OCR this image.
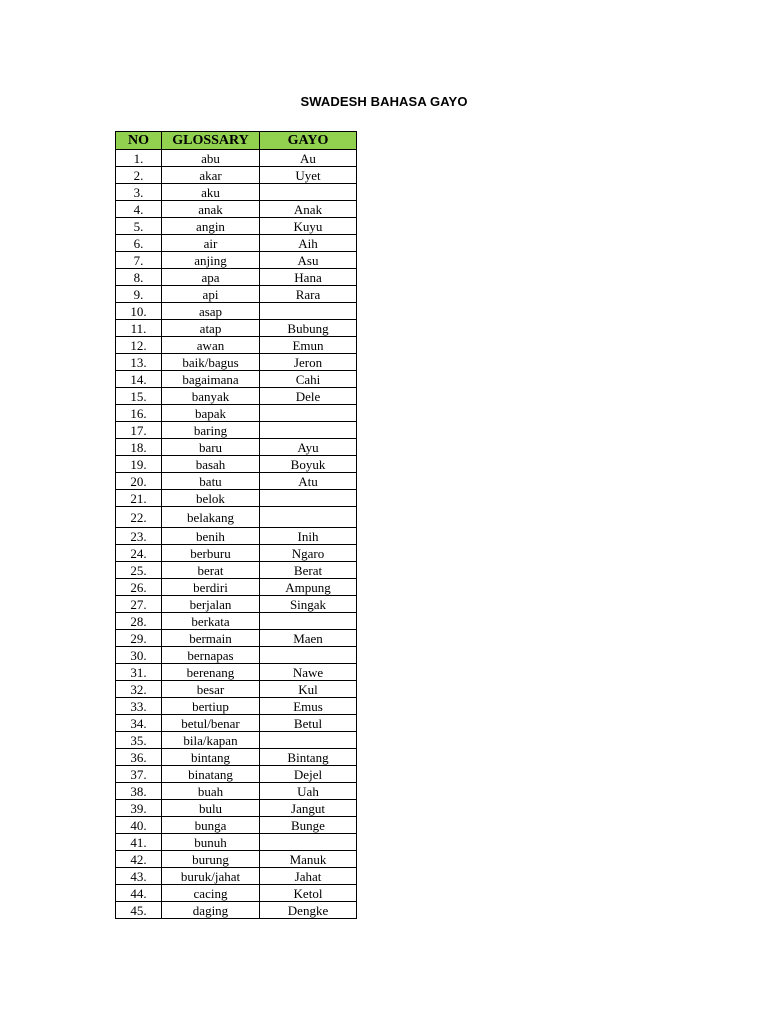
SWADESH BAHASA GAYO
NO	GLOSSARY	GAYO
1.	abu	Au
2.	akar	Uyet
3.	aku	
4.	anak	Anak
5.	angin	Kuyu
6.	air	Aih
7.	anjing	Asu
8.	apa	Hana
9.	api	Rara
10.	asap	
11.	atap	Bubung
12.	awan	Emun
13.	baik/bagus	Jeron
14.	bagaimana	Cahi
15.	banyak	Dele
16.	bapak	
17.	baring	
18.	baru	Ayu
19.	basah	Boyuk
20.	batu	Atu
21.	belok	
22.	belakang	
23.	benih	Inih
24.	berburu	Ngaro
25.	berat	Berat
26.	berdiri	Ampung
27.	berjalan	Singak
28.	berkata	
29.	bermain	Maen
30.	bernapas	
31.	berenang	Nawe
32.	besar	Kul
33.	bertiup	Emus
34.	betul/benar	Betul
35.	bila/kapan	
36.	bintang	Bintang
37.	binatang	Dejel
38.	buah	Uah
39.	bulu	Jangut
40.	bunga	Bunge
41.	bunuh	
42.	burung	Manuk
43.	buruk/jahat	Jahat
44.	cacing	Ketol
45.	daging	Dengke
